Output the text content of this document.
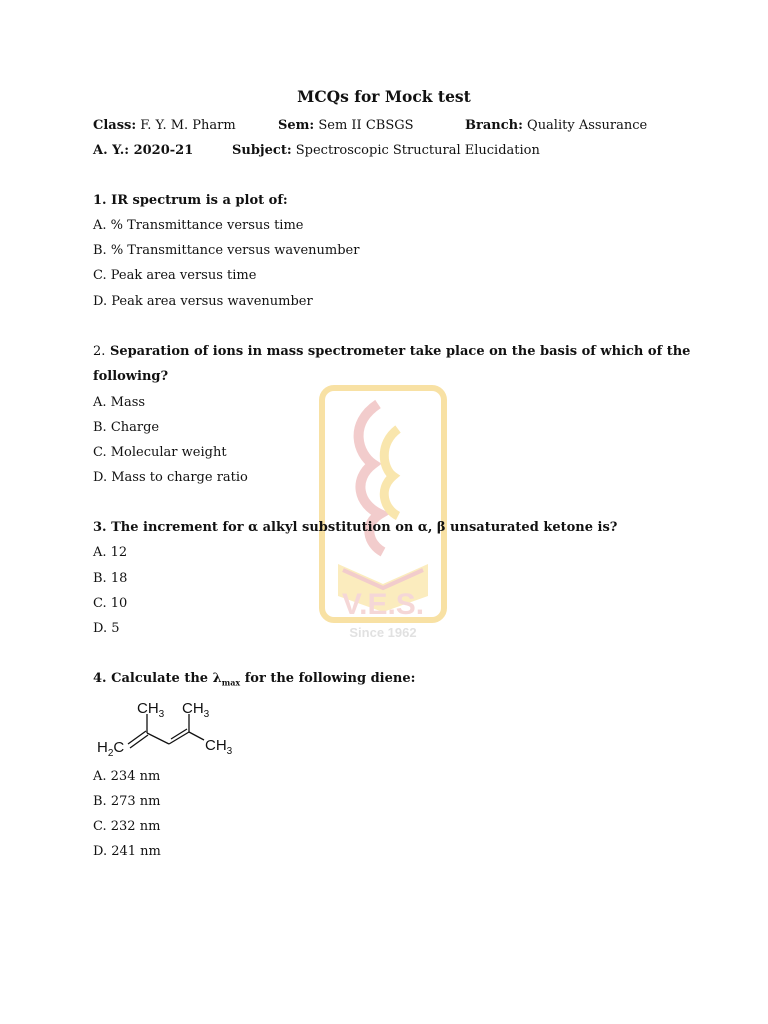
V.E.S.
Since 1962
MCQs for Mock test
Class: F. Y. M. Pharm	Sem: Sem II CBSGS	Branch: Quality Assurance
A. Y.: 2020-21	Subject: Spectroscopic Structural Elucidation
1. IR spectrum is a plot of:
A. % Transmittance versus time
B. % Transmittance versus wavenumber
C. Peak area versus time
D. Peak area versus wavenumber
2. Separation of ions in mass spectrometer take place on the basis of which of the
following?
A. Mass
B. Charge
C. Molecular weight
D. Mass to charge ratio
3. The increment for α alkyl substitution on α, β unsaturated ketone is?
A. 12
B. 18
C. 10
D. 5
4. Calculate the $\lambda_{max}$ for the following diene:
$CH_3$ $CH_3$
$H_2C$	$CH_3$
A. 234 nm
B. 273 nm
C. 232 nm
D. 241 nm
